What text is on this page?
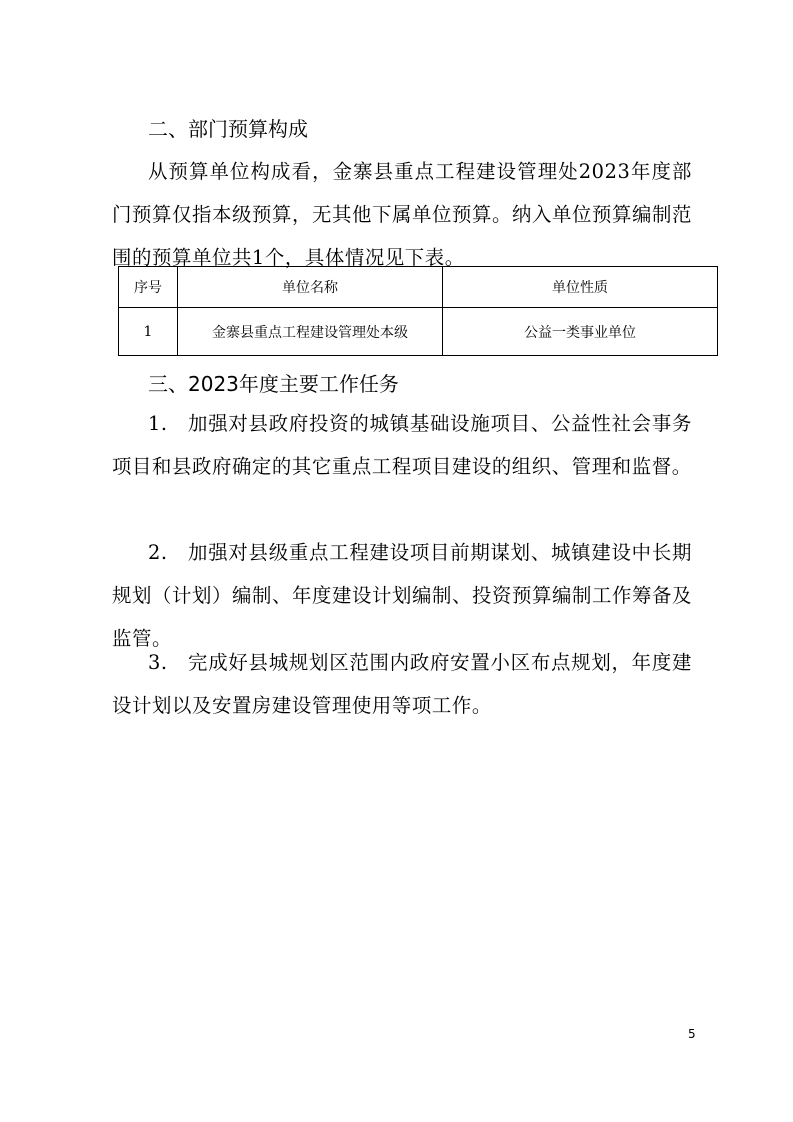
二、部门预算构成

从预算单位构成看，金寨县重点工程建设管理处2023年度部门预算仅指本级预算，无其他下属单位预算。纳入单位预算编制范围的预算单位共1个，具体情况见下表。

序号	单位名称	单位性质
1	金寨县重点工程建设管理处本级	公益一类事业单位
三、2023年度主要工作任务

1.　加强对县政府投资的城镇基础设施项目、公益性社会事务项目和县政府确定的其它重点工程项目建设的组织、管理和监督。

2.　加强对县级重点工程建设项目前期谋划、城镇建设中长期规划（计划）编制、年度建设计划编制、投资预算编制工作筹备及监管。

3.　完成好县城规划区范围内政府安置小区布点规划，年度建设计划以及安置房建设管理使用等项工作。

5
